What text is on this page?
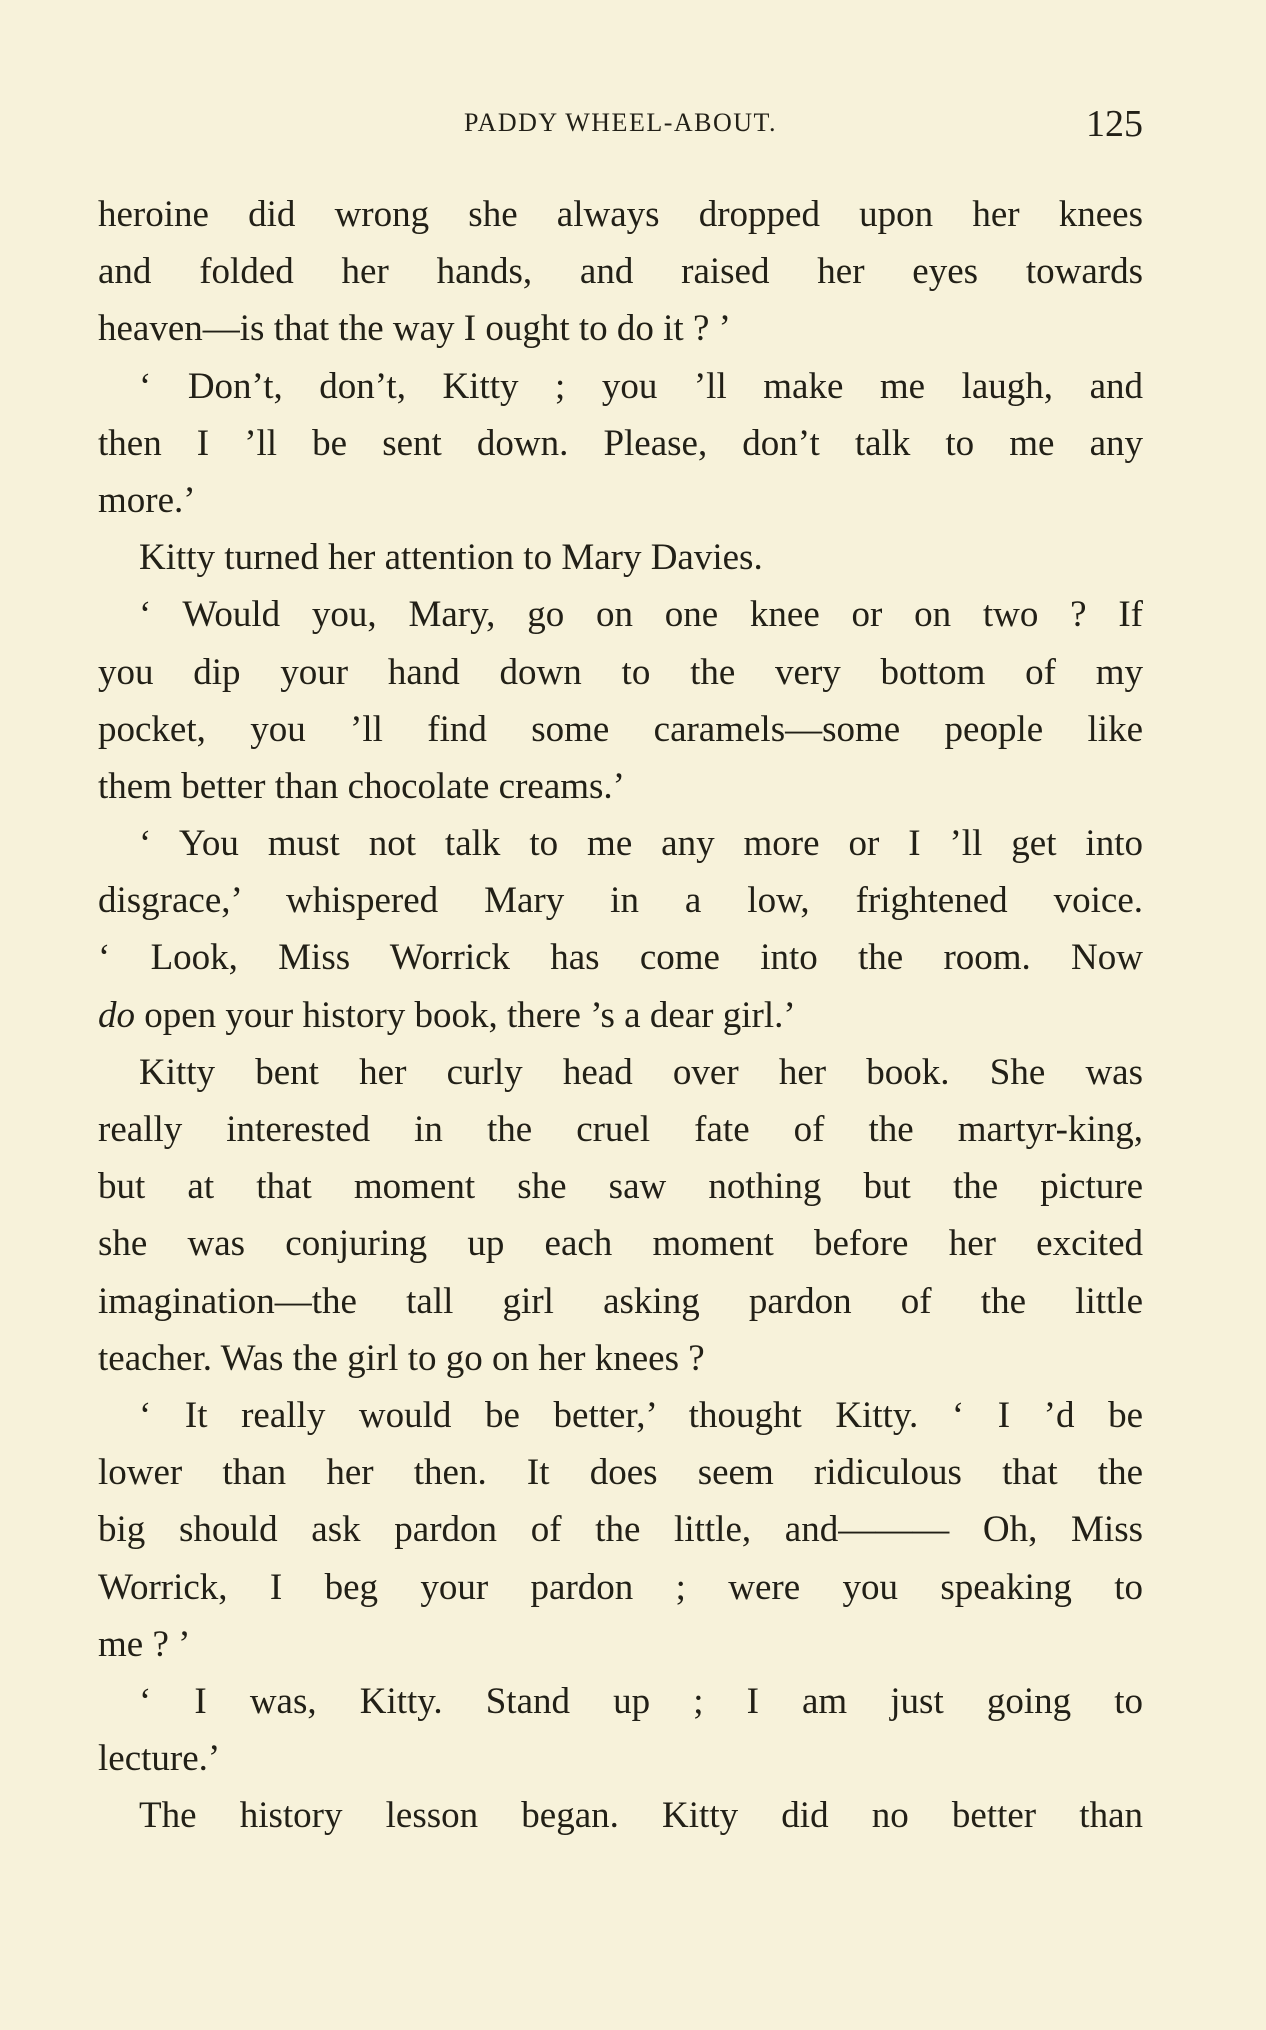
PADDY WHEEL-ABOUT.	125
heroine did wrong she always dropped upon her knees
and folded her hands, and raised her eyes towards
heaven—is that the way I ought to do it ? ’
‘ Don’t, don’t, Kitty ; you ’ll make me laugh, and
then I ’ll be sent down. Please, don’t talk to me any
more.’
Kitty turned her attention to Mary Davies.
‘ Would you, Mary, go on one knee or on two ? If
you dip your hand down to the very bottom of my
pocket, you ’ll find some caramels—some people like
them better than chocolate creams.’
‘ You must not talk to me any more or I ’ll get into
disgrace,’ whispered Mary in a low, frightened voice.
‘ Look, Miss Worrick has come into the room. Now
do open your history book, there ’s a dear girl.’
Kitty bent her curly head over her book. She was
really interested in the cruel fate of the martyr-king,
but at that moment she saw nothing but the picture
she was conjuring up each moment before her excited
imagination—the tall girl asking pardon of the little
teacher. Was the girl to go on her knees ?
‘ It really would be better,’ thought Kitty. ‘ I ’d be
lower than her then. It does seem ridiculous that the
big should ask pardon of the little, and——— Oh, Miss
Worrick, I beg your pardon ; were you speaking to
me ? ’
‘ I was, Kitty. Stand up ; I am just going to
lecture.’
The history lesson began. Kitty did no better than
